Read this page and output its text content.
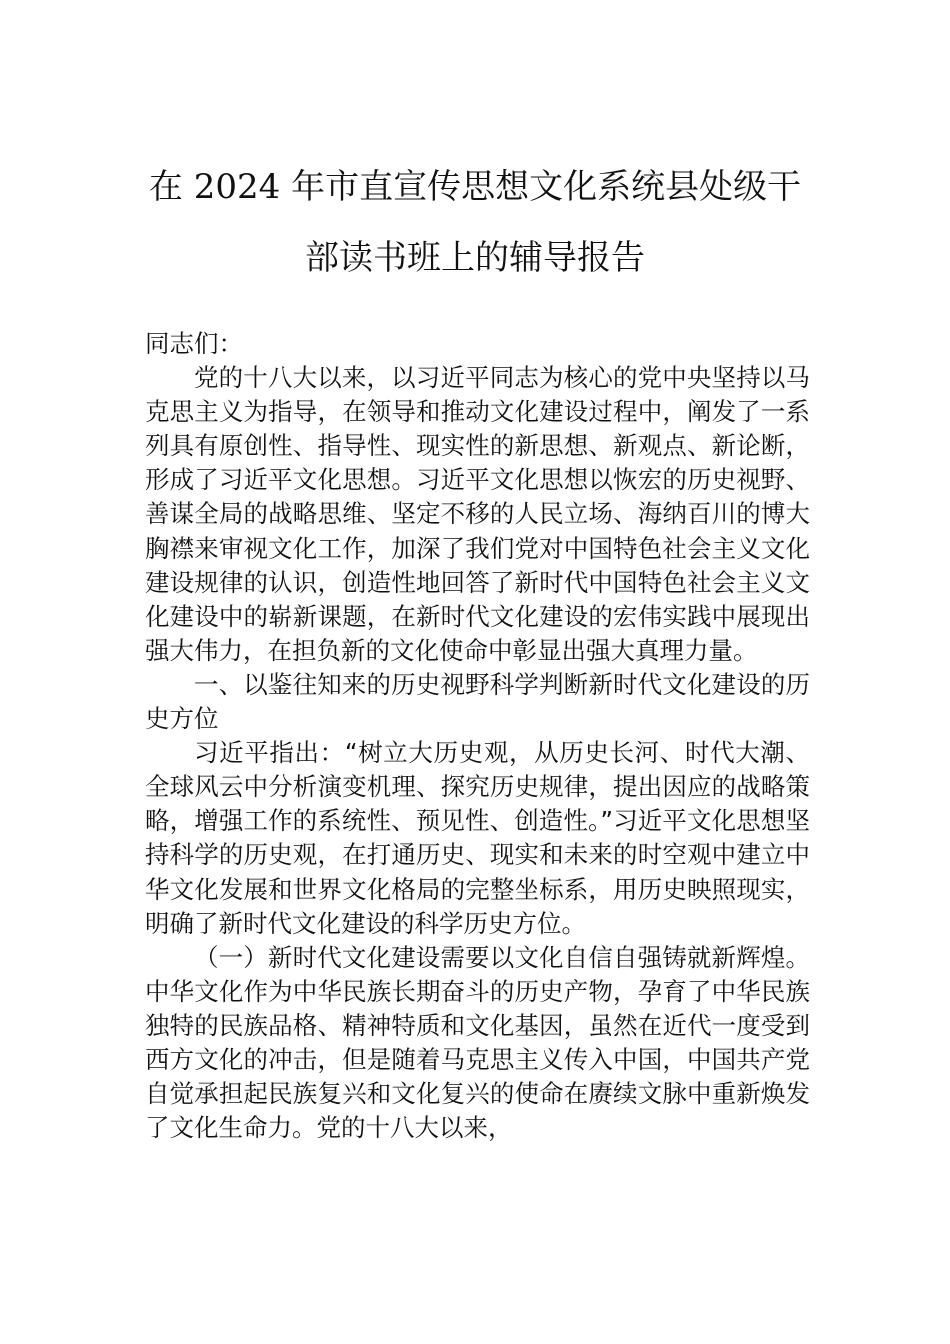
在 2024 年市直宣传思想文化系统县处级干
部读书班上的辅导报告

同志们：

党的十八大以来，以习近平同志为核心的党中央坚持以马克思主义为指导，在领导和推动文化建设过程中，阐发了一系列具有原创性、指导性、现实性的新思想、新观点、新论断，形成了习近平文化思想。习近平文化思想以恢宏的历史视野、善谋全局的战略思维、坚定不移的人民立场、海纳百川的博大胸襟来审视文化工作，加深了我们党对中国特色社会主义文化建设规律的认识，创造性地回答了新时代中国特色社会主义文化建设中的崭新课题，在新时代文化建设的宏伟实践中展现出强大伟力，在担负新的文化使命中彰显出强大真理力量。

一、以鉴往知来的历史视野科学判断新时代文化建设的历史方位

习近平指出：“树立大历史观，从历史长河、时代大潮、全球风云中分析演变机理、探究历史规律，提出因应的战略策略，增强工作的系统性、预见性、创造性。”习近平文化思想坚持科学的历史观，在打通历史、现实和未来的时空观中建立中华文化发展和世界文化格局的完整坐标系，用历史映照现实，明确了新时代文化建设的科学历史方位。

（一）新时代文化建设需要以文化自信自强铸就新辉煌。中华文化作为中华民族长期奋斗的历史产物，孕育了中华民族独特的民族品格、精神特质和文化基因，虽然在近代一度受到西方文化的冲击，但是随着马克思主义传入中国，中国共产党自觉承担起民族复兴和文化复兴的使命在赓续文脉中重新焕发了文化生命力。党的十八大以来，
